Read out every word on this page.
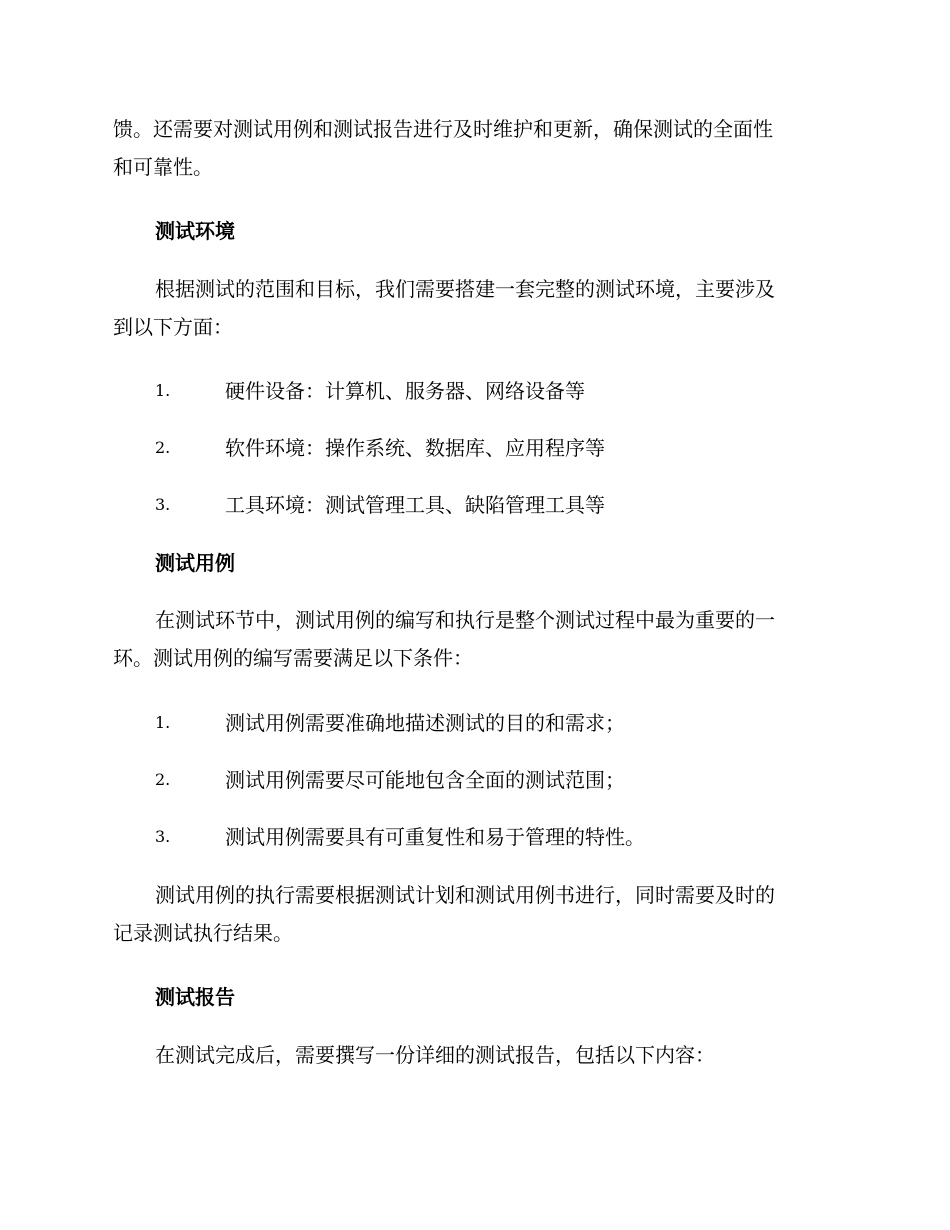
馈。还需要对测试用例和测试报告进行及时维护和更新，确保测试的全面性
和可靠性。
测试环境
根据测试的范围和目标，我们需要搭建一套完整的测试环境，主要涉及
到以下方面：
1.	硬件设备：计算机、服务器、网络设备等
2.	软件环境：操作系统、数据库、应用程序等
3.	工具环境：测试管理工具、缺陷管理工具等
测试用例
在测试环节中，测试用例的编写和执行是整个测试过程中最为重要的一
环。测试用例的编写需要满足以下条件：
1.	测试用例需要准确地描述测试的目的和需求；
2.	测试用例需要尽可能地包含全面的测试范围；
3.	测试用例需要具有可重复性和易于管理的特性。
测试用例的执行需要根据测试计划和测试用例书进行，同时需要及时的
记录测试执行结果。
测试报告
在测试完成后，需要撰写一份详细的测试报告，包括以下内容：
